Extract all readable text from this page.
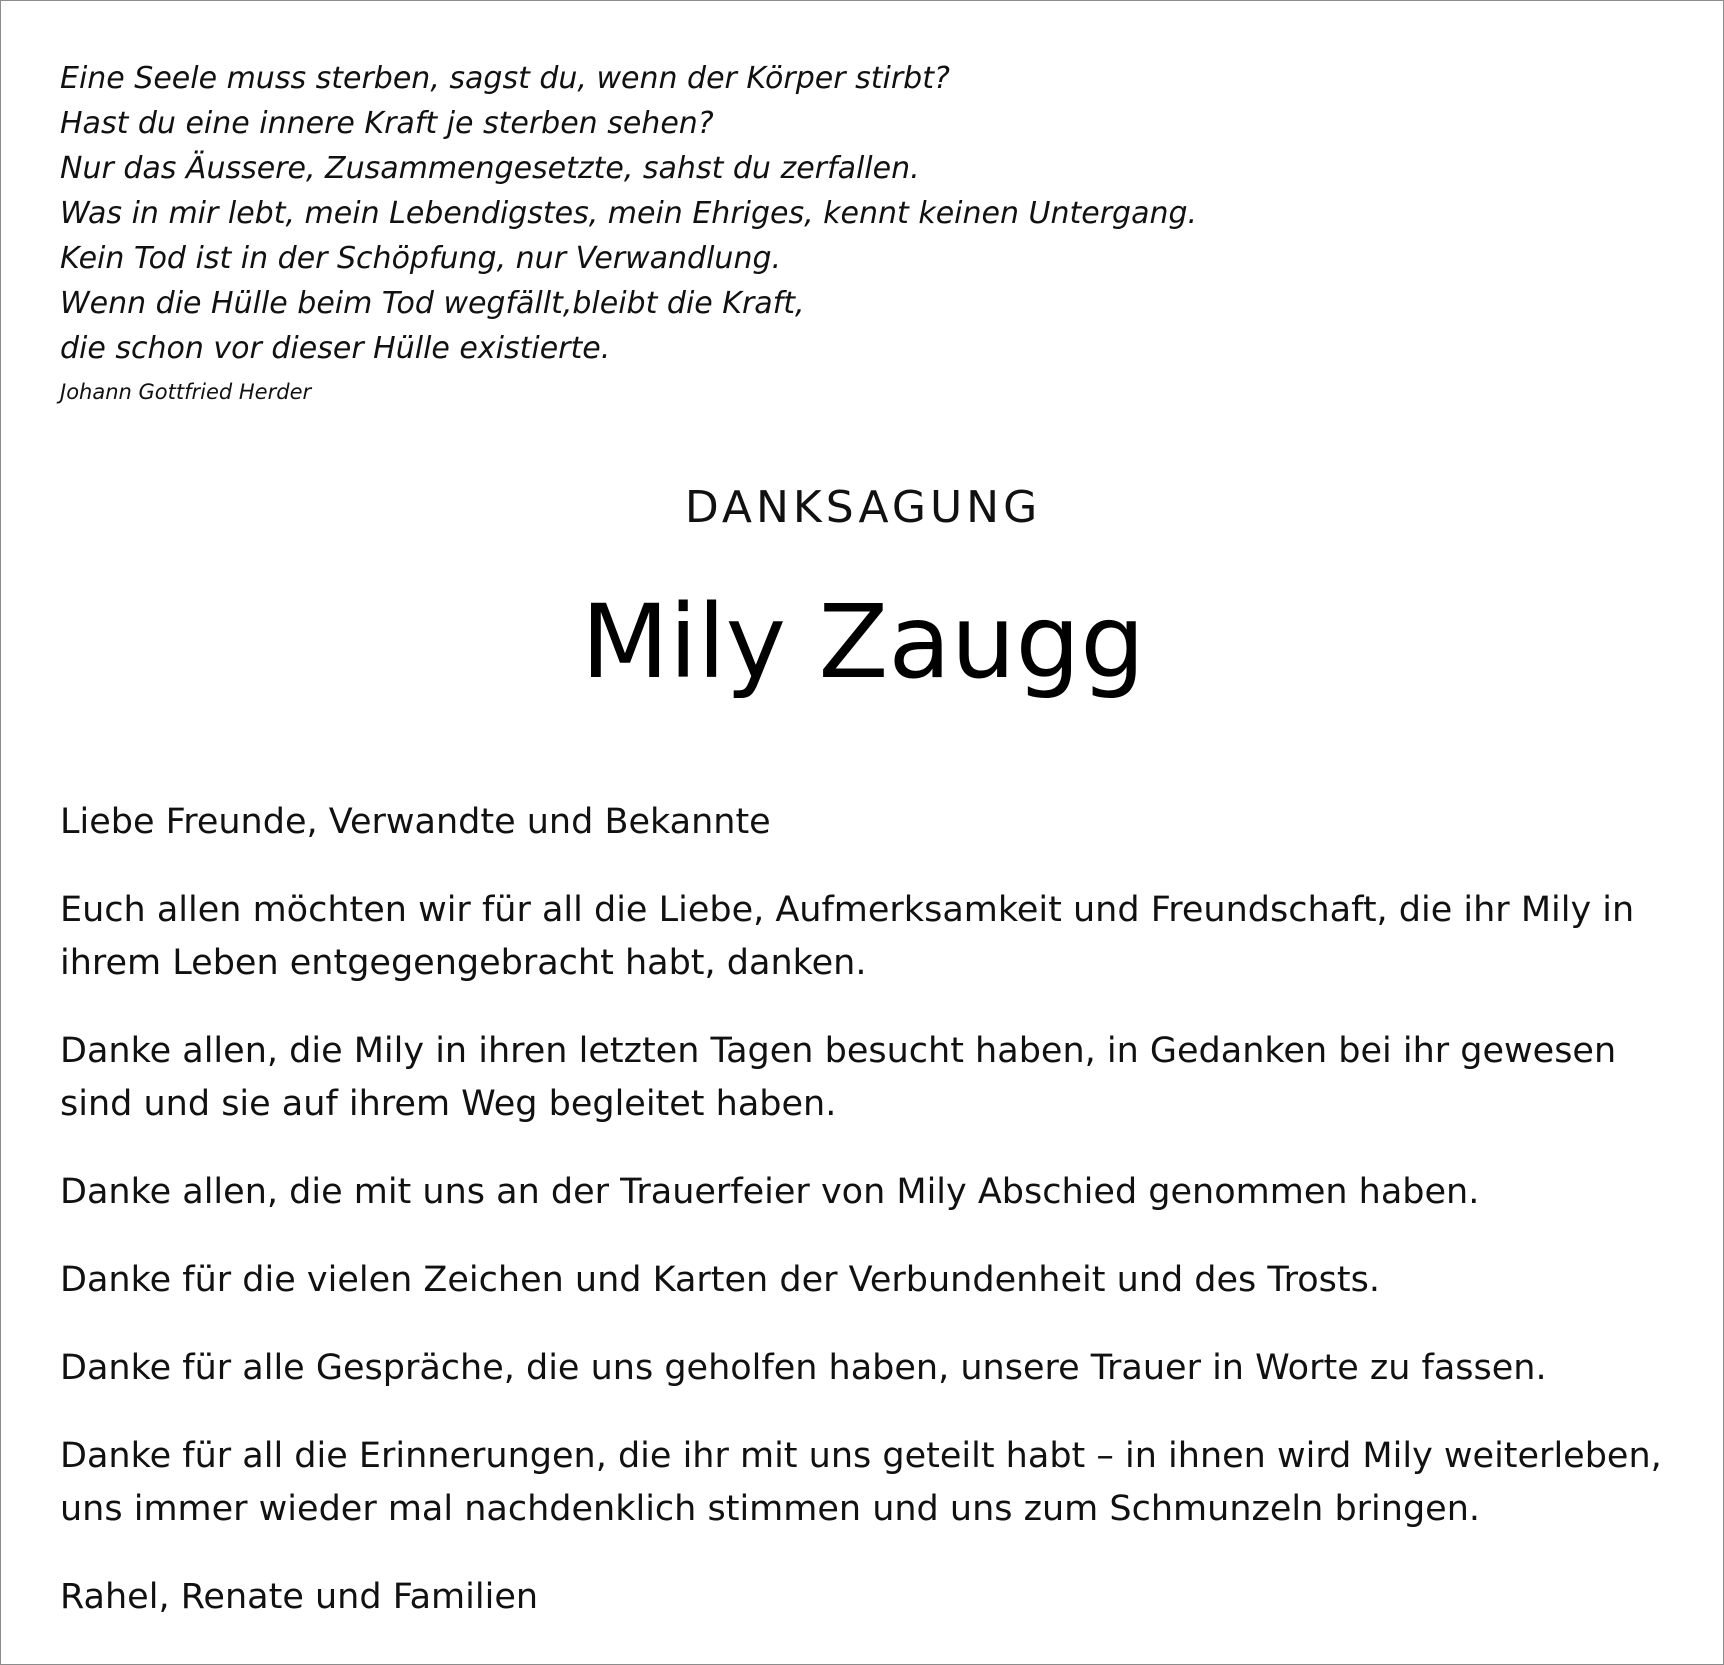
Eine Seele muss sterben, sagst du, wenn der Körper stirbt?
Hast du eine innere Kraft je sterben sehen?
Nur das Äussere, Zusammengesetzte, sahst du zerfallen.
Was in mir lebt, mein Lebendigstes, mein Ehriges, kennt keinen Untergang.
Kein Tod ist in der Schöpfung, nur Verwandlung.
Wenn die Hülle beim Tod wegfällt,bleibt die Kraft,
die schon vor dieser Hülle existierte.
Johann Gottfried Herder
DANKSAGUNG
Mily Zaugg

Liebe Freunde, Verwandte und Bekannte

Euch allen möchten wir für all die Liebe, Aufmerksamkeit und Freundschaft, die ihr Mily in
ihrem Leben entgegengebracht habt, danken.

Danke allen, die Mily in ihren letzten Tagen besucht haben, in Gedanken bei ihr gewesen
sind und sie auf ihrem Weg begleitet haben.

Danke allen, die mit uns an der Trauerfeier von Mily Abschied genommen haben.

Danke für die vielen Zeichen und Karten der Verbundenheit und des Trosts.

Danke für alle Gespräche, die uns geholfen haben, unsere Trauer in Worte zu fassen.

Danke für all die Erinnerungen, die ihr mit uns geteilt habt – in ihnen wird Mily weiterleben,
uns immer wieder mal nachdenklich stimmen und uns zum Schmunzeln bringen.

Rahel, Renate und Familien
